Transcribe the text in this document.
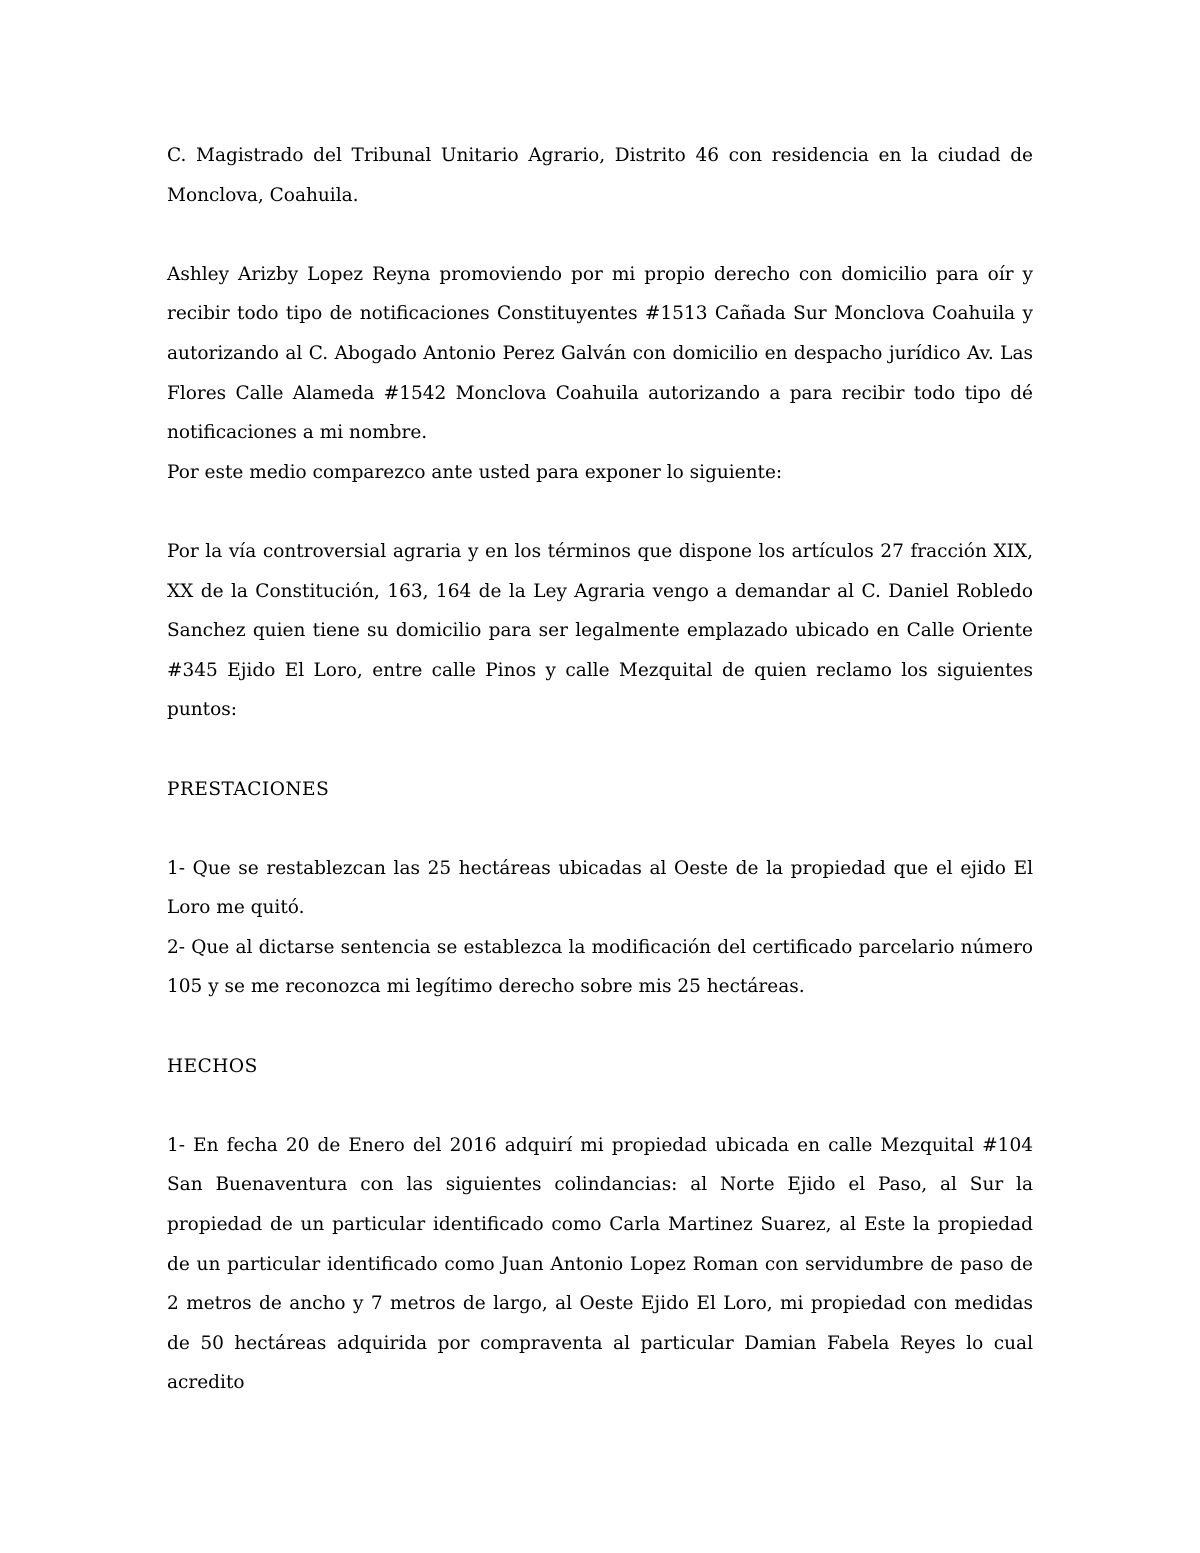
C. Magistrado del Tribunal Unitario Agrario, Distrito 46 con residencia en la ciudad de Monclova, Coahuila.

Ashley Arizby Lopez Reyna promoviendo por mi propio derecho con domicilio para oír y recibir todo tipo de notificaciones Constituyentes #1513 Cañada Sur Monclova Coahuila y autorizando al C. Abogado Antonio Perez Galván con domicilio en despacho jurídico Av. Las Flores Calle Alameda #1542 Monclova Coahuila autorizando a para recibir todo tipo dé notificaciones a mi nombre.

Por este medio comparezco ante usted para exponer lo siguiente:

Por la vía controversial agraria y en los términos que dispone los artículos 27 fracción XIX, XX de la Constitución, 163, 164 de la Ley Agraria vengo a demandar al C. Daniel Robledo Sanchez quien tiene su domicilio para ser legalmente emplazado ubicado en Calle Oriente #345 Ejido El Loro, entre calle Pinos y calle Mezquital de quien reclamo los siguientes puntos:

PRESTACIONES

1- Que se restablezcan las 25 hectáreas ubicadas al Oeste de la propiedad que el ejido El Loro me quitó.

2- Que al dictarse sentencia se establezca la modificación del certificado parcelario número 105 y se me reconozca mi legítimo derecho sobre mis 25 hectáreas.

HECHOS

1- En fecha 20 de Enero del 2016 adquirí mi propiedad ubicada en calle Mezquital #104 San Buenaventura con las siguientes colindancias: al Norte Ejido el Paso, al Sur la propiedad de un particular identificado como Carla Martinez Suarez, al Este la propiedad de un particular identificado como Juan Antonio Lopez Roman con servidumbre de paso de 2 metros de ancho y 7 metros de largo, al Oeste Ejido El Loro, mi propiedad con medidas de 50 hectáreas adquirida por compraventa al particular Damian Fabela Reyes lo cual acredito
